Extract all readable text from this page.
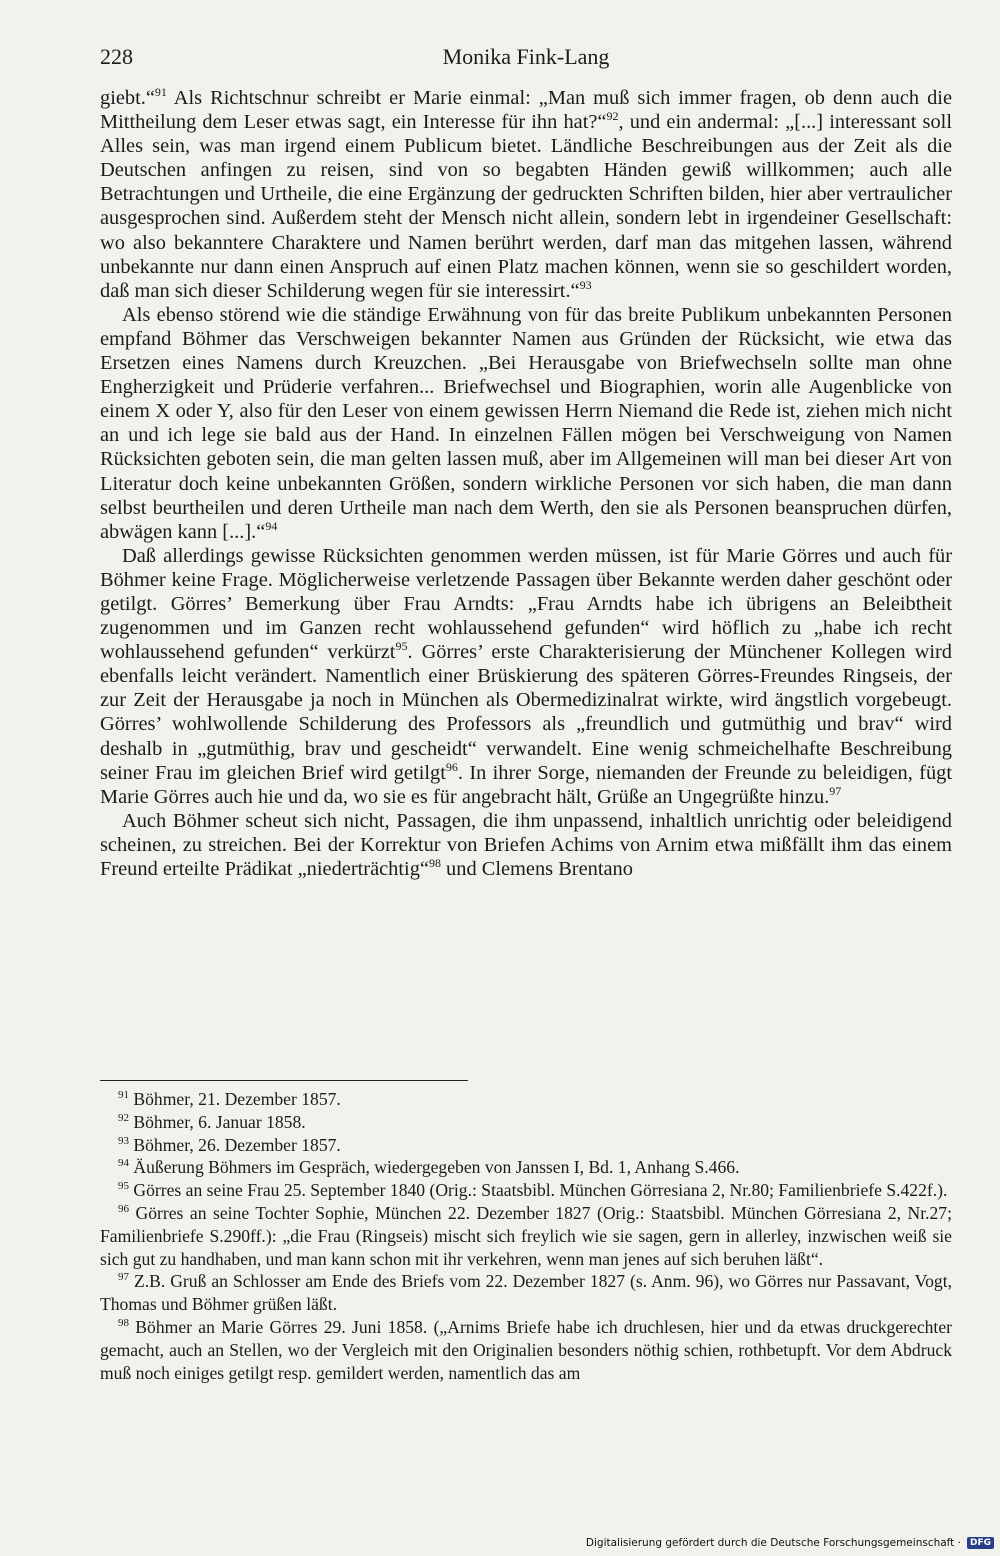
228	Monika Fink-Lang

giebt.“$^{91}$ Als Richtschnur schreibt er Marie einmal: „Man muß sich immer fragen, ob denn auch die Mittheilung dem Leser etwas sagt, ein Interesse für ihn hat?“$^{92}$, und ein andermal: „[...] interessant soll Alles sein, was man irgend einem Publicum bietet. Ländliche Beschreibungen aus der Zeit als die Deutschen anfingen zu reisen, sind von so begabten Händen gewiß willkommen; auch alle Betrachtungen und Urtheile, die eine Ergänzung der gedruckten Schriften bilden, hier aber vertraulicher ausgesprochen sind. Außerdem steht der Mensch nicht allein, sondern lebt in irgendeiner Gesellschaft: wo also bekanntere Charaktere und Namen berührt werden, darf man das mitgehen lassen, während unbekannte nur dann einen Anspruch auf einen Platz machen können, wenn sie so geschildert worden, daß man sich dieser Schilderung wegen für sie interessirt.“$^{93}$

Als ebenso störend wie die ständige Erwähnung von für das breite Publikum unbekannten Personen empfand Böhmer das Verschweigen bekannter Namen aus Gründen der Rücksicht, wie etwa das Ersetzen eines Namens durch Kreuzchen. „Bei Herausgabe von Briefwechseln sollte man ohne Engherzigkeit und Prüderie verfahren... Briefwechsel und Biographien, worin alle Augenblicke von einem X oder Y, also für den Leser von einem gewissen Herrn Niemand die Rede ist, ziehen mich nicht an und ich lege sie bald aus der Hand. In einzelnen Fällen mögen bei Verschweigung von Namen Rücksichten geboten sein, die man gelten lassen muß, aber im Allgemeinen will man bei dieser Art von Literatur doch keine unbekannten Größen, sondern wirkliche Personen vor sich haben, die man dann selbst beurtheilen und deren Urtheile man nach dem Werth, den sie als Personen beanspruchen dürfen, abwägen kann [...].“$^{94}$

Daß allerdings gewisse Rücksichten genommen werden müssen, ist für Marie Görres und auch für Böhmer keine Frage. Möglicherweise verletzende Passagen über Bekannte werden daher geschönt oder getilgt. Görres’ Bemerkung über Frau Arndts: „Frau Arndts habe ich übrigens an Beleibtheit zugenommen und im Ganzen recht wohlaussehend gefunden“ wird höflich zu „habe ich recht wohlaussehend gefunden“ verkürzt$^{95}$. Görres’ erste Charakterisierung der Münchener Kollegen wird ebenfalls leicht verändert. Namentlich einer Brüskierung des späteren Görres-Freundes Ringseis, der zur Zeit der Herausgabe ja noch in München als Obermedizinalrat wirkte, wird ängstlich vorgebeugt. Görres’ wohlwollende Schilderung des Professors als „freundlich und gutmüthig und brav“ wird deshalb in „gutmüthig, brav und gescheidt“ verwandelt. Eine wenig schmeichelhafte Beschreibung seiner Frau im gleichen Brief wird getilgt$^{96}$. In ihrer Sorge, niemanden der Freunde zu beleidigen, fügt Marie Görres auch hie und da, wo sie es für angebracht hält, Grüße an Ungegrüßte hinzu.$^{97}$

Auch Böhmer scheut sich nicht, Passagen, die ihm unpassend, inhaltlich unrichtig oder beleidigend scheinen, zu streichen. Bei der Korrektur von Briefen Achims von Arnim etwa mißfällt ihm das einem Freund erteilte Prädikat „niederträchtig“$^{98}$ und Clemens Brentano

$^{91}$ Böhmer, 21. Dezember 1857.

$^{92}$ Böhmer, 6. Januar 1858.

$^{93}$ Böhmer, 26. Dezember 1857.

$^{94}$ Äußerung Böhmers im Gespräch, wiedergegeben von Janssen I, Bd. 1, Anhang S.466.

$^{95}$ Görres an seine Frau 25. September 1840 (Orig.: Staatsbibl. München Görresiana 2, Nr.80; Familienbriefe S.422f.).

$^{96}$ Görres an seine Tochter Sophie, München 22. Dezember 1827 (Orig.: Staatsbibl. München Görresiana 2, Nr.27; Familienbriefe S.290ff.): „die Frau (Ringseis) mischt sich freylich wie sie sagen, gern in allerley, inzwischen weiß sie sich gut zu handhaben, und man kann schon mit ihr verkehren, wenn man jenes auf sich beruhen läßt“.

$^{97}$ Z.B. Gruß an Schlosser am Ende des Briefs vom 22. Dezember 1827 (s. Anm. 96), wo Görres nur Passavant, Vogt, Thomas und Böhmer grüßen läßt.

$^{98}$ Böhmer an Marie Görres 29. Juni 1858. („Arnims Briefe habe ich druchlesen, hier und da etwas druckgerechter gemacht, auch an Stellen, wo der Vergleich mit den Originalien besonders nöthig schien, rothbetupft. Vor dem Abdruck muß noch einiges getilgt resp. gemildert werden, namentlich das am

Digitalisierung gefördert durch die Deutsche Forschungsgemeinschaft ·	DFG
